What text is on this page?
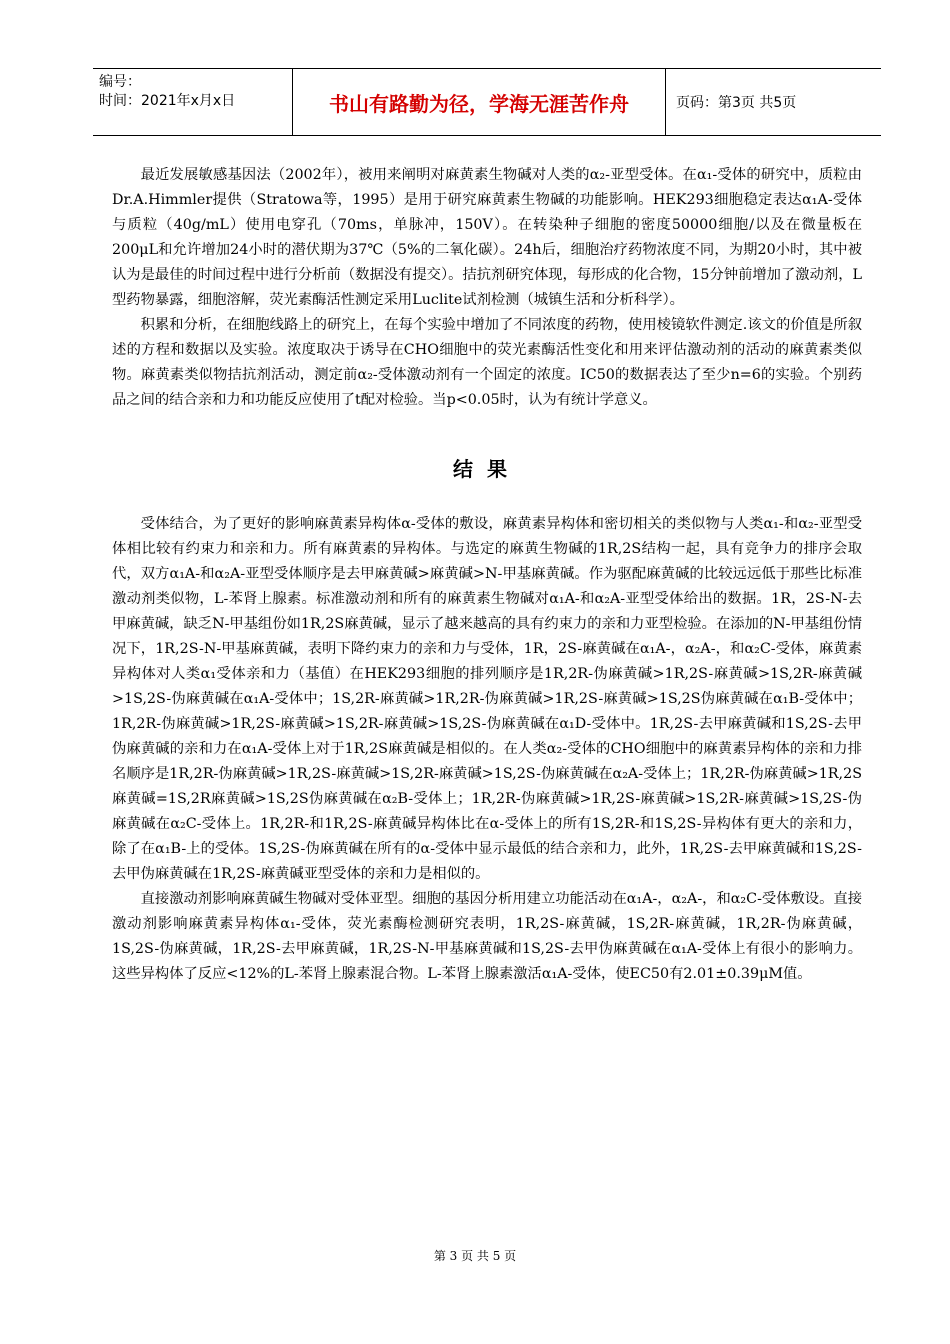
编号：
时间：2021年x月x日	书山有路勤为径，学海无涯苦作舟	页码：第3页 共5页

最近发展敏感基因法（2002年），被用来阐明对麻黄素生物碱对人类的α₂-亚型受体。在α₁-受体的研究中，质粒由Dr.A.Himmler提供（Stratowa等，1995）是用于研究麻黄素生物碱的功能影响。HEK293细胞稳定表达α₁A-受体与质粒（40g/mL）使用电穿孔（70ms，单脉冲，150V）。在转染种子细胞的密度50000细胞/以及在微量板在200μL和允许增加24小时的潜伏期为37℃（5%的二氧化碳）。24h后，细胞治疗药物浓度不同，为期20小时，其中被认为是最佳的时间过程中进行分析前（数据没有提交）。拮抗剂研究体现，每形成的化合物，15分钟前增加了激动剂，L型药物暴露，细胞溶解，荧光素酶活性测定采用Luclite试剂检测（城镇生活和分析科学）。

积累和分析，在细胞线路上的研究上，在每个实验中增加了不同浓度的药物，使用棱镜软件测定.该文的价值是所叙述的方程和数据以及实验。浓度取决于诱导在CHO细胞中的荧光素酶活性变化和用来评估激动剂的活动的麻黄素类似物。麻黄素类似物拮抗剂活动，测定前α₂-受体激动剂有一个固定的浓度。IC50的数据表达了至少n=6的实验。个别药品之间的结合亲和力和功能反应使用了t配对检验。当p<0.05时，认为有统计学意义。

结果

受体结合，为了更好的影响麻黄素异构体α-受体的敷设，麻黄素异构体和密切相关的类似物与人类α₁-和α₂-亚型受体相比较有约束力和亲和力。所有麻黄素的异构体。与选定的麻黄生物碱的1R,2S结构一起，具有竞争力的排序会取代，双方α₁A-和α₂A-亚型受体顺序是去甲麻黄碱>麻黄碱>N-甲基麻黄碱。作为驱配麻黄碱的比较远远低于那些比标准激动剂类似物，L-苯肾上腺素。标准激动剂和所有的麻黄素生物碱对α₁A-和α₂A-亚型受体给出的数据。1R，2S-N-去甲麻黄碱，缺乏N-甲基组份如1R,2S麻黄碱，显示了越来越高的具有约束力的亲和力亚型检验。在添加的N-甲基组份情况下，1R,2S-N-甲基麻黄碱，表明下降约束力的亲和力与受体，1R，2S-麻黄碱在α₁A-，α₂A-，和α₂C-受体，麻黄素异构体对人类α₁受体亲和力（基值）在HEK293细胞的排列顺序是1R,2R-伪麻黄碱>1R,2S-麻黄碱>1S,2R-麻黄碱>1S,2S-伪麻黄碱在α₁A-受体中；1S,2R-麻黄碱>1R,2R-伪麻黄碱>1R,2S-麻黄碱>1S,2S伪麻黄碱在α₁B-受体中；1R,2R-伪麻黄碱>1R,2S-麻黄碱>1S,2R-麻黄碱>1S,2S-伪麻黄碱在α₁D-受体中。1R,2S-去甲麻黄碱和1S,2S-去甲伪麻黄碱的亲和力在α₁A-受体上对于1R,2S麻黄碱是相似的。在人类α₂-受体的CHO细胞中的麻黄素异构体的亲和力排名顺序是1R,2R-伪麻黄碱>1R,2S-麻黄碱>1S,2R-麻黄碱>1S,2S-伪麻黄碱在α₂A-受体上；1R,2R-伪麻黄碱>1R,2S麻黄碱=1S,2R麻黄碱>1S,2S伪麻黄碱在α₂B-受体上；1R,2R-伪麻黄碱>1R,2S-麻黄碱>1S,2R-麻黄碱>1S,2S-伪麻黄碱在α₂C-受体上。1R,2R-和1R,2S-麻黄碱异构体比在α-受体上的所有1S,2R-和1S,2S-异构体有更大的亲和力，除了在α₁B-上的受体。1S,2S-伪麻黄碱在所有的α-受体中显示最低的结合亲和力，此外，1R,2S-去甲麻黄碱和1S,2S-去甲伪麻黄碱在1R,2S-麻黄碱亚型受体的亲和力是相似的。

直接激动剂影响麻黄碱生物碱对受体亚型。细胞的基因分析用建立功能活动在α₁A-，α₂A-，和α₂C-受体敷设。直接激动剂影响麻黄素异构体α₁-受体，荧光素酶检测研究表明，1R,2S-麻黄碱，1S,2R-麻黄碱，1R,2R-伪麻黄碱，1S,2S-伪麻黄碱，1R,2S-去甲麻黄碱，1R,2S-N-甲基麻黄碱和1S,2S-去甲伪麻黄碱在α₁A-受体上有很小的影响力。这些异构体了反应<12%的L-苯肾上腺素混合物。L-苯肾上腺素激活α₁A-受体，使EC50有2.01±0.39μM值。

第 3 页 共 5 页
